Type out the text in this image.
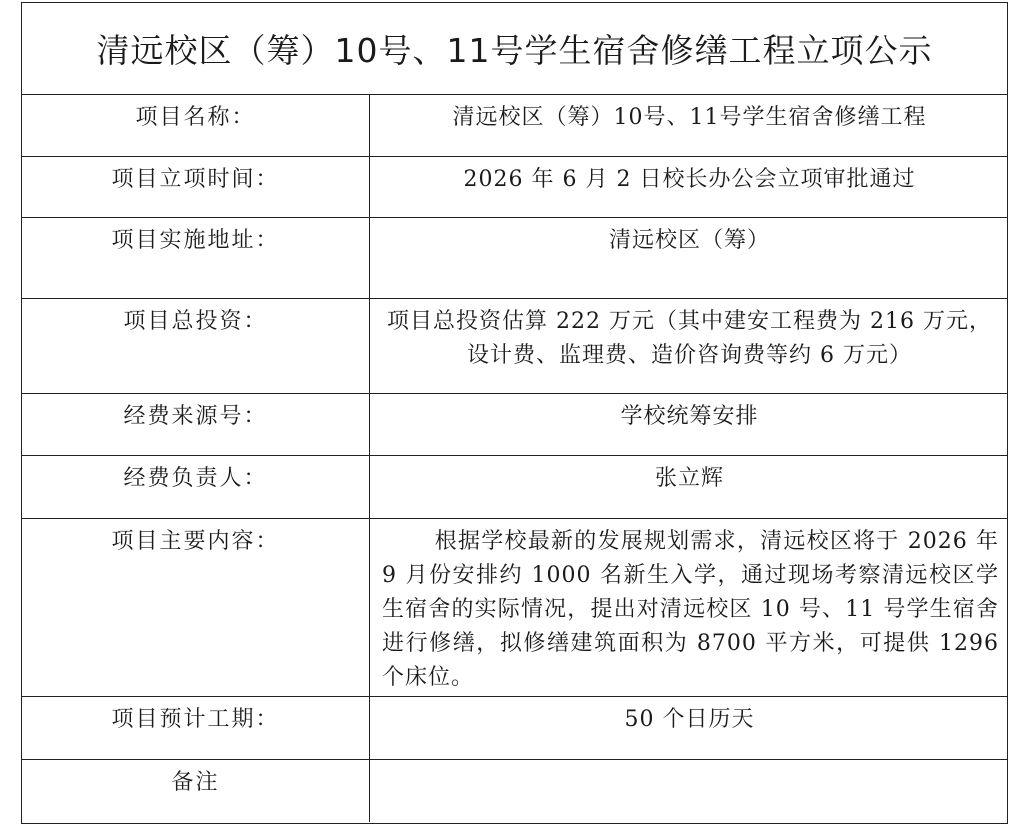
清远校区（筹）10号、11号学生宿舍修缮工程立项公示
项目名称：	清远校区（筹）10号、11号学生宿舍修缮工程
项目立项时间：	2026 年 6 月 2 日校长办公会立项审批通过
项目实施地址：	清远校区（筹）
项目总投资：	项目总投资估算 222 万元（其中建安工程费为 216 万元，设计费、监理费、造价咨询费等约 6 万元）
经费来源号：	学校统筹安排
经费负责人：	张立辉
项目主要内容：	根据学校最新的发展规划需求，清远校区将于 2026 年 9 月份安排约 1000 名新生入学，通过现场考察清远校区学生宿舍的实际情况，提出对清远校区 10 号、11 号学生宿舍进行修缮，拟修缮建筑面积为 8700 平方米，可提供 1296 个床位。
项目预计工期：	50 个日历天
备注
